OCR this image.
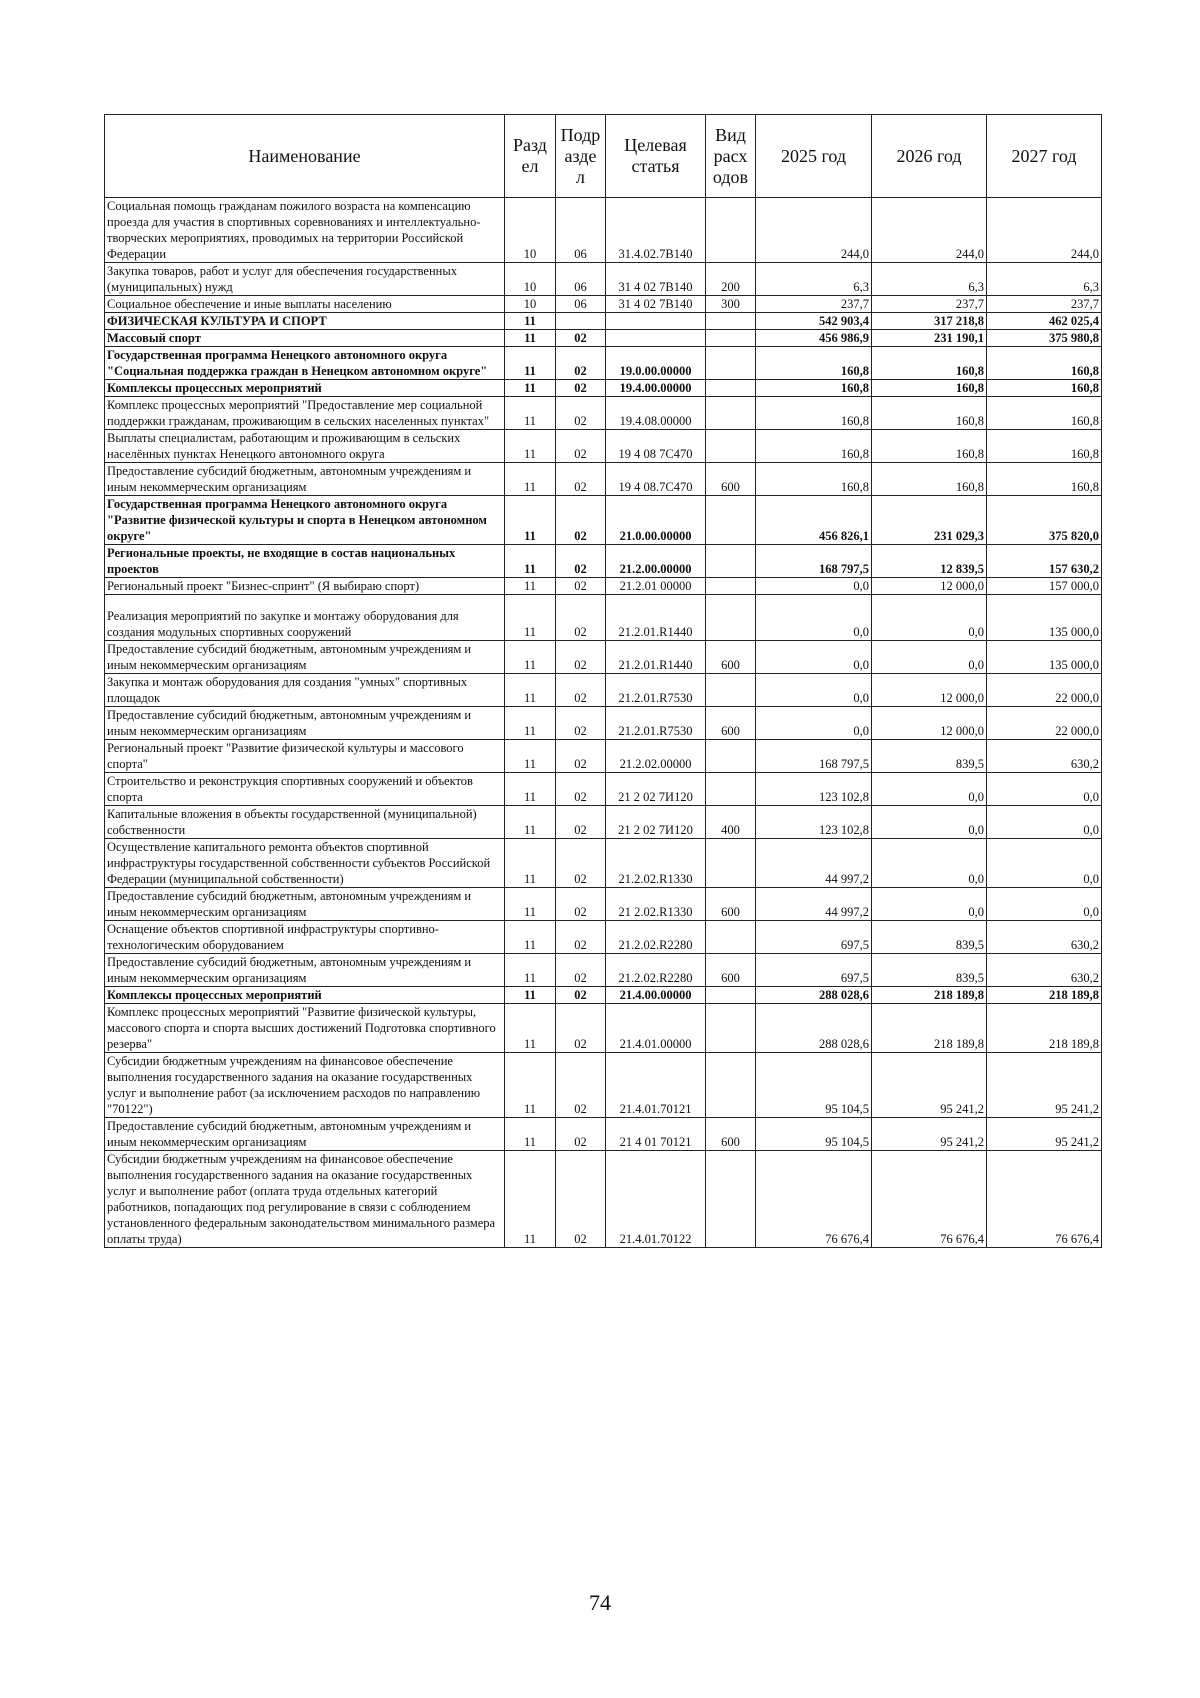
Наименование	Разд ел	Подр азде л	Целевая статья	Вид расх одов	2025 год	2026 год	2027 год
Социальная помощь гражданам пожилого возраста на компенсацию проезда для участия в спортивных соревнованиях и интеллектуально-творческих мероприятиях, проводимых на территории Российской Федерации	10	06	31.4.02.7В140		244,0	244,0	244,0
Закупка товаров, работ и услуг для обеспечения государственных (муниципальных) нужд	10	06	31 4 02 7В140	200	6,3	6,3	6,3
Социальное обеспечение и иные выплаты населению	10	06	31 4 02 7В140	300	237,7	237,7	237,7
ФИЗИЧЕСКАЯ КУЛЬТУРА И СПОРТ	11				542 903,4	317 218,8	462 025,4
Массовый спорт	11	02			456 986,9	231 190,1	375 980,8
Государственная программа Ненецкого автономного округа "Социальная поддержка граждан в Ненецком автономном округе"	11	02	19.0.00.00000		160,8	160,8	160,8
Комплексы процессных мероприятий	11	02	19.4.00.00000		160,8	160,8	160,8
Комплекс процессных мероприятий "Предоставление мер социальной поддержки гражданам, проживающим в сельских населенных пунктах"	11	02	19.4.08.00000		160,8	160,8	160,8
Выплаты специалистам, работающим и проживающим в сельских населённых пунктах Ненецкого автономного округа	11	02	19 4 08 7С470		160,8	160,8	160,8
Предоставление субсидий бюджетным, автономным учреждениям и иным некоммерческим организациям	11	02	19 4 08.7С470	600	160,8	160,8	160,8
Государственная программа Ненецкого автономного округа "Развитие физической культуры и спорта в Ненецком автономном округе"	11	02	21.0.00.00000		456 826,1	231 029,3	375 820,0
Региональные проекты, не входящие в состав национальных проектов	11	02	21.2.00.00000		168 797,5	12 839,5	157 630,2
Региональный проект "Бизнес-спринт" (Я выбираю спорт)	11	02	21.2.01 00000		0,0	12 000,0	157 000,0
Реализация мероприятий по закупке и монтажу оборудования для создания модульных спортивных сооружений	11	02	21.2.01.R1440		0,0	0,0	135 000,0
Предоставление субсидий бюджетным, автономным учреждениям и иным некоммерческим организациям	11	02	21.2.01.R1440	600	0,0	0,0	135 000,0
Закупка и монтаж оборудования для создания "умных" спортивных площадок	11	02	21.2.01.R7530		0,0	12 000,0	22 000,0
Предоставление субсидий бюджетным, автономным учреждениям и иным некоммерческим организациям	11	02	21.2.01.R7530	600	0,0	12 000,0	22 000,0
Региональный проект "Развитие физической культуры и массового спорта"	11	02	21.2.02.00000		168 797,5	839,5	630,2
Строительство и реконструкция спортивных сооружений и объектов спорта	11	02	21 2 02 7И120		123 102,8	0,0	0,0
Капитальные вложения в объекты государственной (муниципальной) собственности	11	02	21 2 02 7И120	400	123 102,8	0,0	0,0
Осуществление капитального ремонта объектов спортивной инфраструктуры государственной собственности субъектов Российской Федерации (муниципальной собственности)	11	02	21.2.02.R1330		44 997,2	0,0	0,0
Предоставление субсидий бюджетным, автономным учреждениям и иным некоммерческим организациям	11	02	21 2.02.R1330	600	44 997,2	0,0	0,0
Оснащение объектов спортивной инфраструктуры спортивно-технологическим оборудованием	11	02	21.2.02.R2280		697,5	839,5	630,2
Предоставление субсидий бюджетным, автономным учреждениям и иным некоммерческим организациям	11	02	21.2.02.R2280	600	697,5	839,5	630,2
Комплексы процессных мероприятий	11	02	21.4.00.00000		288 028,6	218 189,8	218 189,8
Комплекс процессных мероприятий "Развитие физической культуры, массового спорта и спорта высших достижений Подготовка спортивного резерва"	11	02	21.4.01.00000		288 028,6	218 189,8	218 189,8
Субсидии бюджетным учреждениям на финансовое обеспечение выполнения государственного задания на оказание государственных услуг и выполнение работ (за исключением расходов по направлению "70122")	11	02	21.4.01.70121		95 104,5	95 241,2	95 241,2
Предоставление субсидий бюджетным, автономным учреждениям и иным некоммерческим организациям	11	02	21 4 01 70121	600	95 104,5	95 241,2	95 241,2
Субсидии бюджетным учреждениям на финансовое обеспечение выполнения государственного задания на оказание государственных услуг и выполнение работ (оплата труда отдельных категорий работников, попадающих под регулирование в связи с соблюдением установленного федеральным законодательством минимального размера оплаты труда)	11	02	21.4.01.70122		76 676,4	76 676,4	76 676,4
74
